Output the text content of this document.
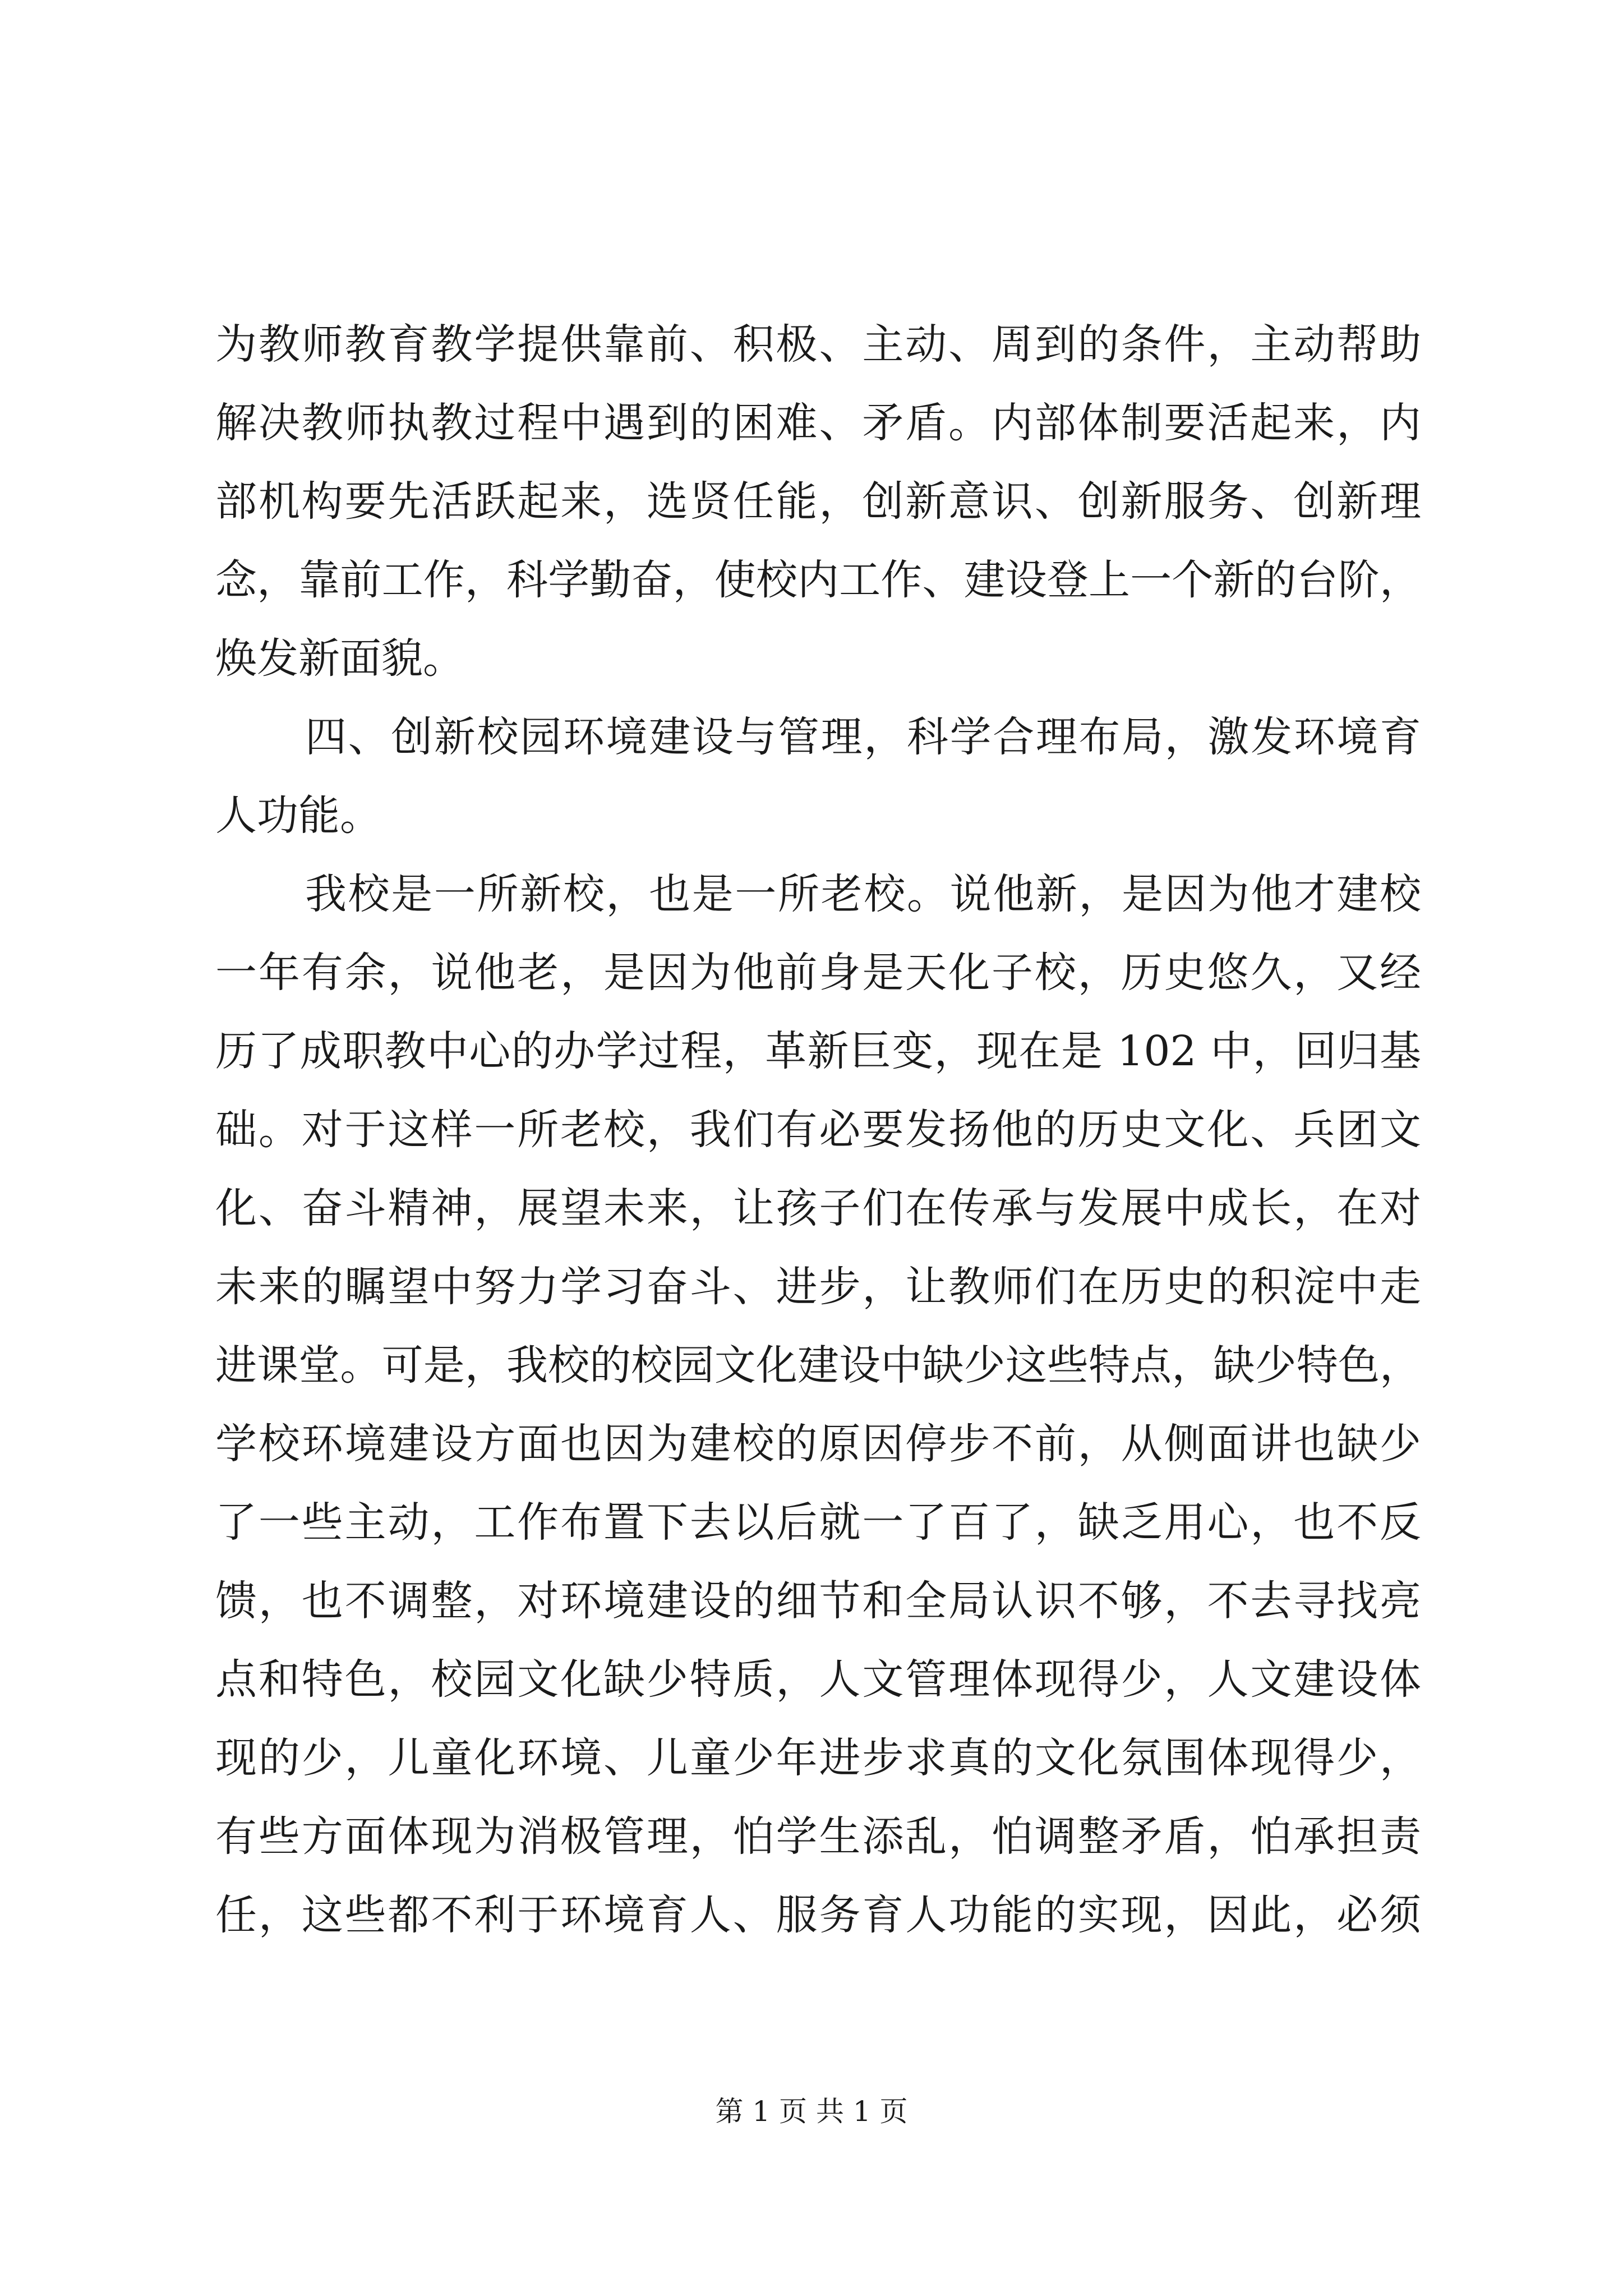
为教师教育教学提供靠前、积极、主动、周到的条件，主动帮助
解决教师执教过程中遇到的困难、矛盾。内部体制要活起来，内
部机构要先活跃起来，选贤任能，创新意识、创新服务、创新理
念，靠前工作，科学勤奋，使校内工作、建设登上一个新的台阶，
焕发新面貌。
四、创新校园环境建设与管理，科学合理布局，激发环境育
人功能。
我校是一所新校，也是一所老校。说他新，是因为他才建校
一年有余，说他老，是因为他前身是天化子校，历史悠久，又经
历了成职教中心的办学过程，革新巨变，现在是 102 中，回归基
础。对于这样一所老校，我们有必要发扬他的历史文化、兵团文
化、奋斗精神，展望未来，让孩子们在传承与发展中成长，在对
未来的瞩望中努力学习奋斗、进步，让教师们在历史的积淀中走
进课堂。可是，我校的校园文化建设中缺少这些特点，缺少特色，
学校环境建设方面也因为建校的原因停步不前，从侧面讲也缺少
了一些主动，工作布置下去以后就一了百了，缺乏用心，也不反
馈，也不调整，对环境建设的细节和全局认识不够，不去寻找亮
点和特色，校园文化缺少特质，人文管理体现得少，人文建设体
现的少，儿童化环境、儿童少年进步求真的文化氛围体现得少，
有些方面体现为消极管理，怕学生添乱，怕调整矛盾，怕承担责
任，这些都不利于环境育人、服务育人功能的实现，因此，必须
第 1 页 共 1 页
